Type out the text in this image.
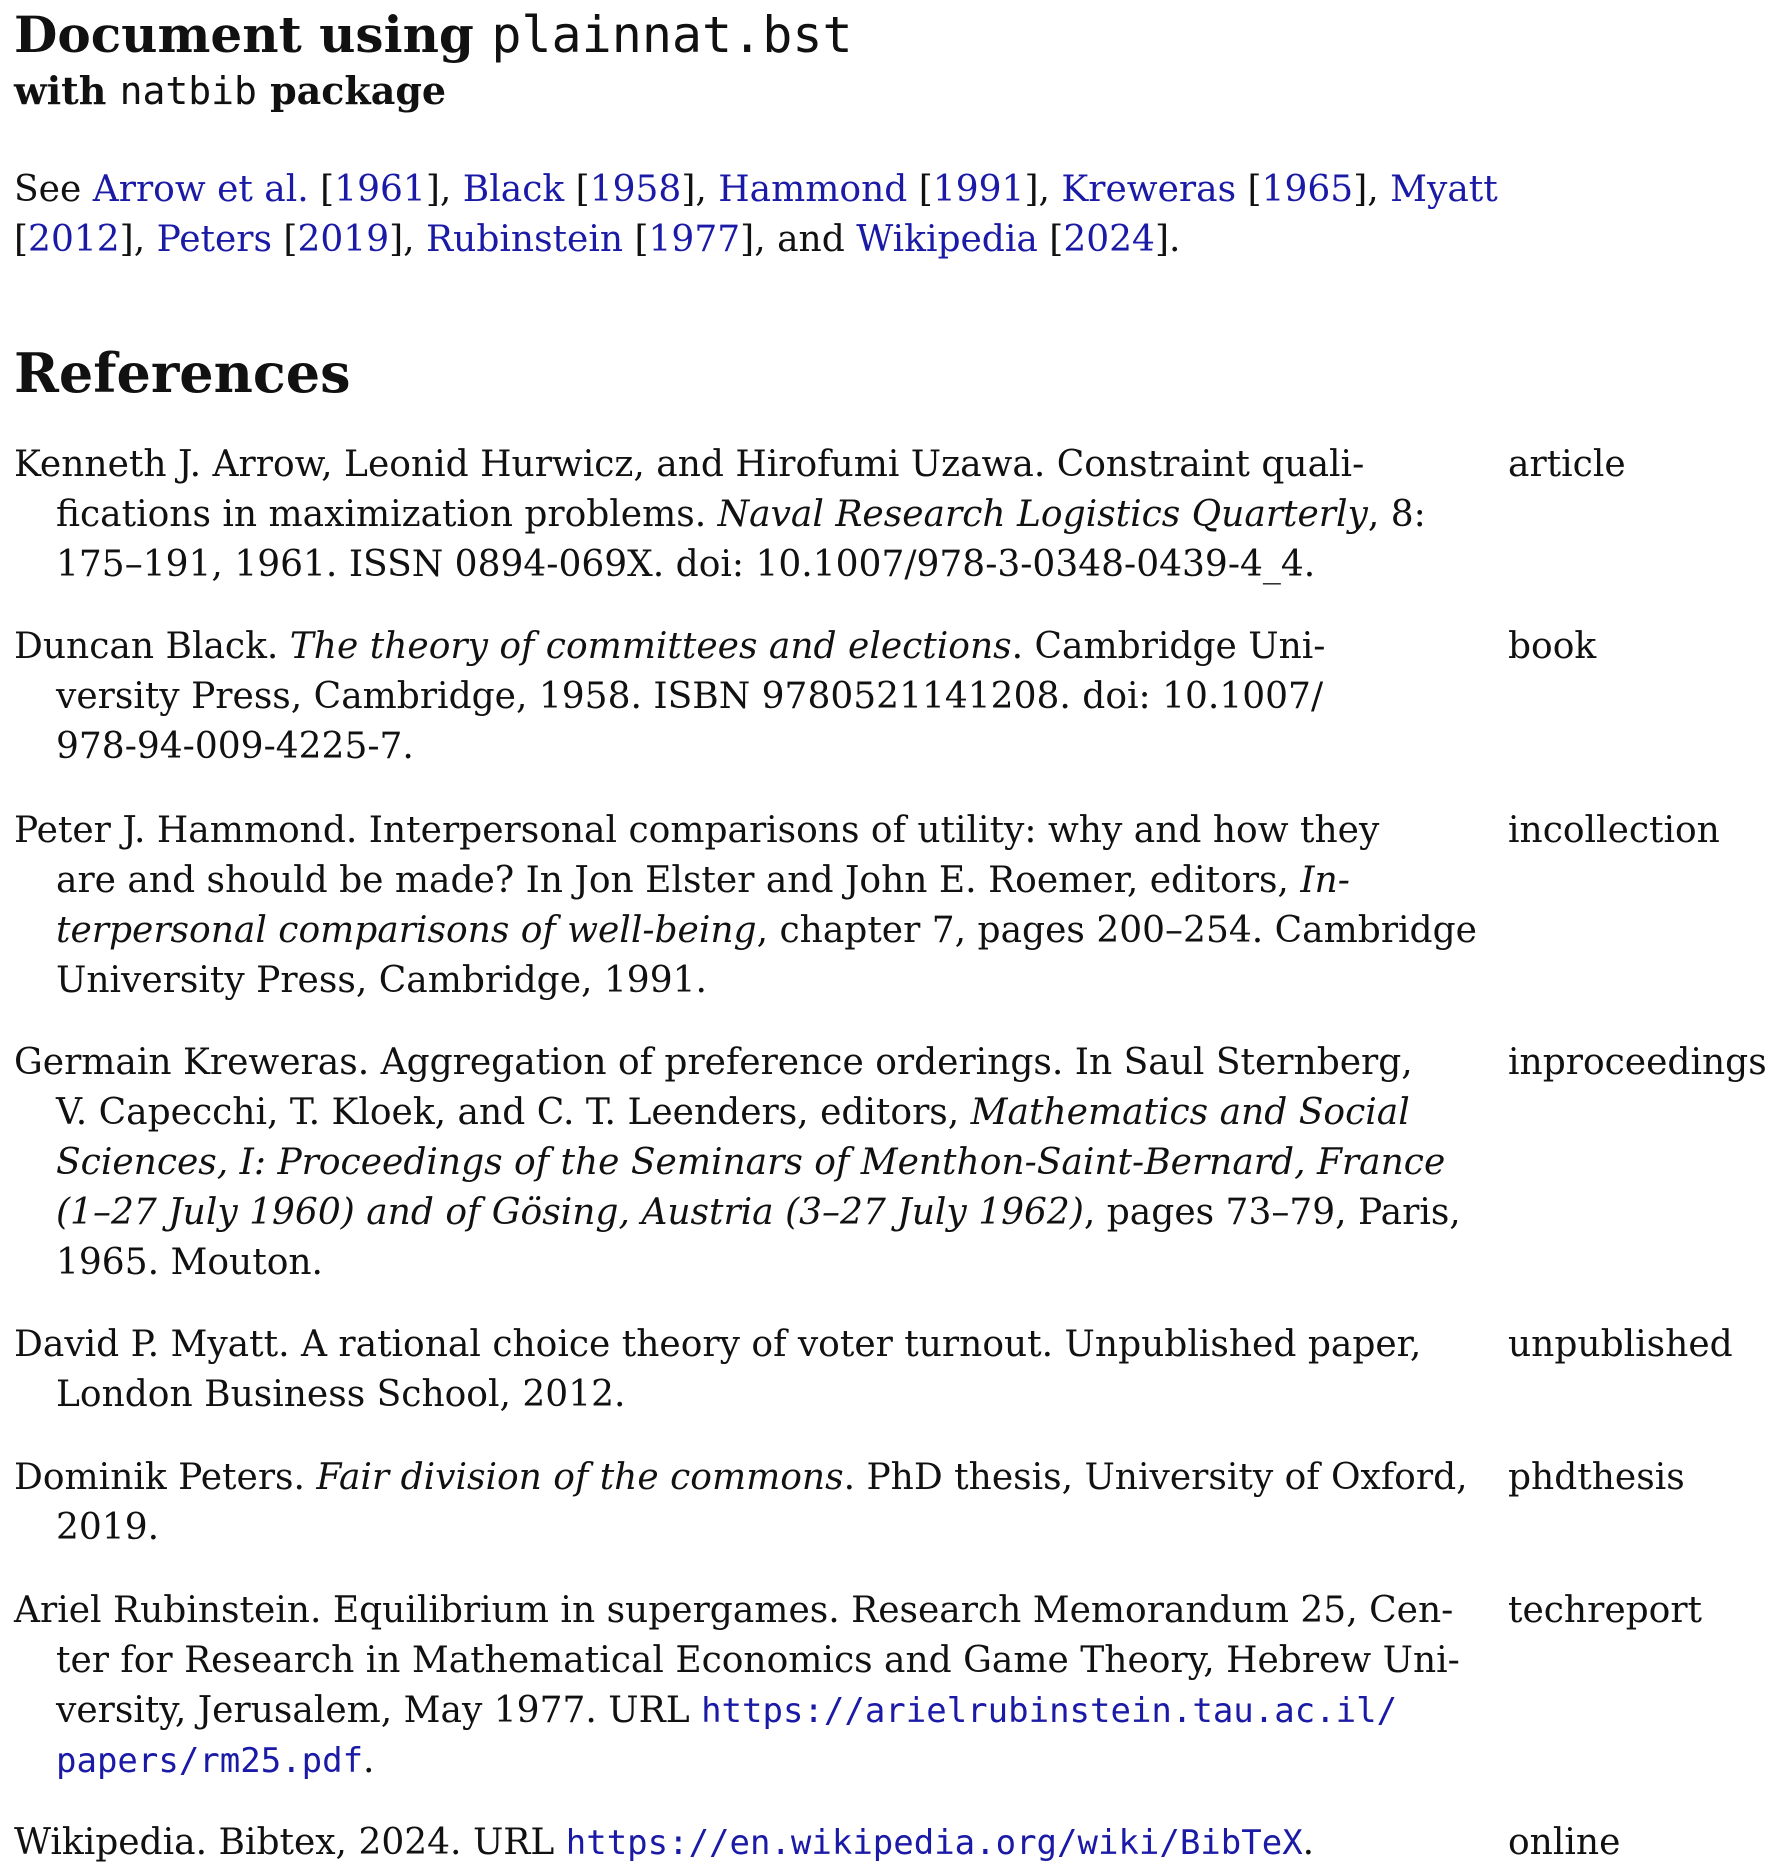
Document using plainnat.bst
with natbib package
See Arrow et al. [1961], Black [1958], Hammond [1991], Kreweras [1965], Myatt
[2012], Peters [2019], Rubinstein [1977], and Wikipedia [2024].
References
Kenneth J. Arrow, Leonid Hurwicz, and Hirofumi Uzawa. Constraint quali-
fications in maximization problems. Naval Research Logistics Quarterly, 8:
175–191, 1961. ISSN 0894-069X. doi: 10.1007/978-3-0348-0439-4_4.
article
Duncan Black. The theory of committees and elections. Cambridge Uni-
versity Press, Cambridge, 1958. ISBN 9780521141208. doi: 10.1007/
978-94-009-4225-7.
book
Peter J. Hammond. Interpersonal comparisons of utility: why and how they
are and should be made? In Jon Elster and John E. Roemer, editors, In-
terpersonal comparisons of well-being, chapter 7, pages 200–254. Cambridge
University Press, Cambridge, 1991.
incollection
Germain Kreweras. Aggregation of preference orderings. In Saul Sternberg,
V. Capecchi, T. Kloek, and C. T. Leenders, editors, Mathematics and Social
Sciences, I: Proceedings of the Seminars of Menthon-Saint-Bernard, France
(1–27 July 1960) and of Gösing, Austria (3–27 July 1962), pages 73–79, Paris,
1965. Mouton.
inproceedings
David P. Myatt. A rational choice theory of voter turnout. Unpublished paper,
London Business School, 2012.
unpublished
Dominik Peters. Fair division of the commons. PhD thesis, University of Oxford,
2019.
phdthesis
Ariel Rubinstein. Equilibrium in supergames. Research Memorandum 25, Cen-
ter for Research in Mathematical Economics and Game Theory, Hebrew Uni-
versity, Jerusalem, May 1977. URL https://arielrubinstein.tau.ac.il/
papers/rm25.pdf.
techreport
Wikipedia. Bibtex, 2024. URL https://en.wikipedia.org/wiki/BibTeX.	online
